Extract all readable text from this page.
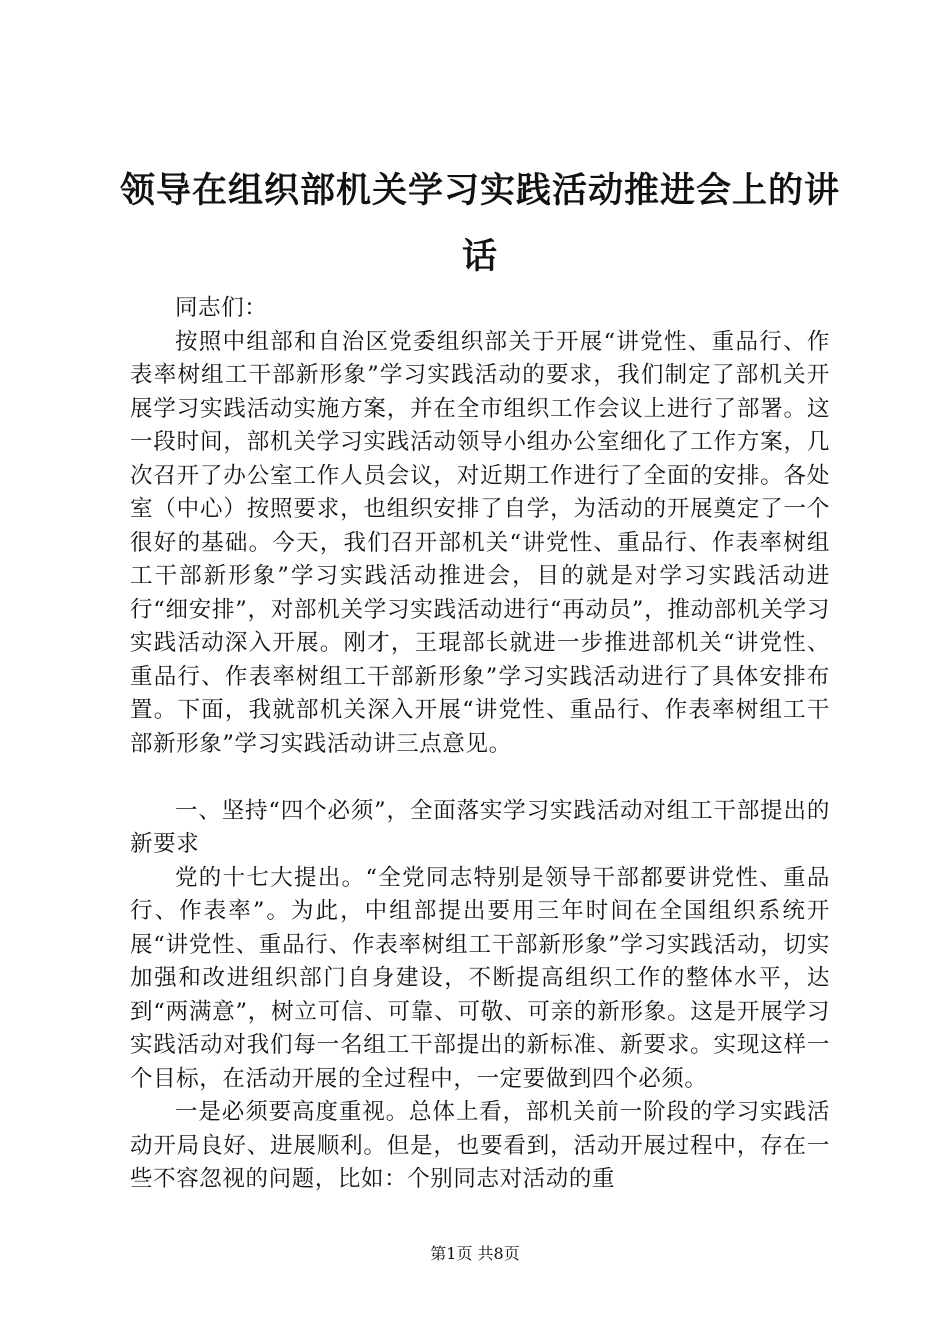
领导在组织部机关学习实践活动推进会上的讲话

同志们：

按照中组部和自治区党委组织部关于开展“讲党性、重品行、作表率树组工干部新形象”学习实践活动的要求，我们制定了部机关开展学习实践活动实施方案，并在全市组织工作会议上进行了部署。这一段时间，部机关学习实践活动领导小组办公室细化了工作方案，几次召开了办公室工作人员会议，对近期工作进行了全面的安排。各处室（中心）按照要求，也组织安排了自学，为活动的开展奠定了一个很好的基础。今天，我们召开部机关“讲党性、重品行、作表率树组工干部新形象”学习实践活动推进会，目的就是对学习实践活动进行“细安排”，对部机关学习实践活动进行“再动员”，推动部机关学习实践活动深入开展。刚才，王琨部长就进一步推进部机关“讲党性、重品行、作表率树组工干部新形象”学习实践活动进行了具体安排布置。下面，我就部机关深入开展“讲党性、重品行、作表率树组工干部新形象”学习实践活动讲三点意见。

一、坚持“四个必须”，全面落实学习实践活动对组工干部提出的新要求

党的十七大提出。“全党同志特别是领导干部都要讲党性、重品行、作表率”。为此，中组部提出要用三年时间在全国组织系统开展“讲党性、重品行、作表率树组工干部新形象”学习实践活动，切实加强和改进组织部门自身建设，不断提高组织工作的整体水平，达到“两满意”，树立可信、可靠、可敬、可亲的新形象。这是开展学习实践活动对我们每一名组工干部提出的新标准、新要求。实现这样一个目标，在活动开展的全过程中，一定要做到四个必须。

一是必须要高度重视。总体上看，部机关前一阶段的学习实践活动开局良好、进展顺利。但是，也要看到，活动开展过程中，存在一些不容忽视的问题，比如：个别同志对活动的重

第1页 共8页
